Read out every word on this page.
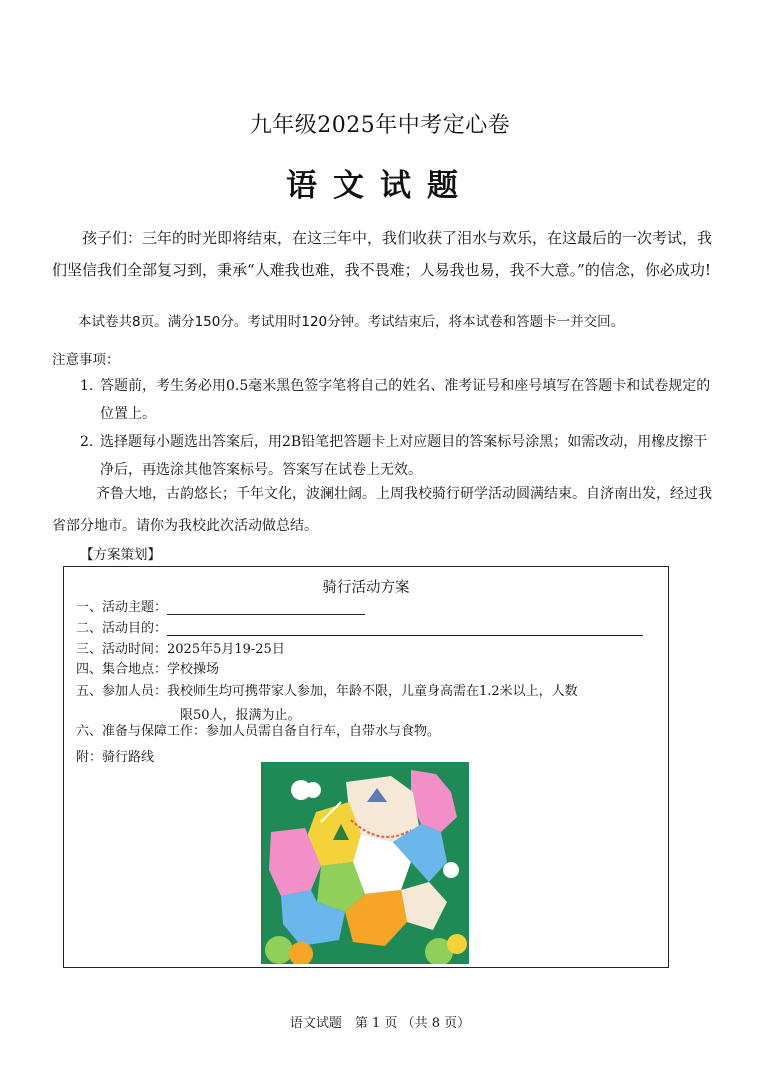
九年级2025年中考定心卷
语文试题
孩子们：三年的时光即将结束，在这三年中，我们收获了泪水与欢乐，在这最后的一次考试，我们坚信我们全部复习到，秉承“人难我也难，我不畏难；人易我也易，我不大意。”的信念，你必成功!
本试卷共8页。满分150分。考试用时120分钟。考试结束后，将本试卷和答题卡一并交回。
注意事项：
1. 答题前，考生务必用0.5毫米黑色签字笔将自己的姓名、准考证号和座号填写在答题卡和试卷规定的位置上。
2. 选择题每小题选出答案后，用2B铅笔把答题卡上对应题目的答案标号涂黑；如需改动，用橡皮擦干净后，再选涂其他答案标号。答案写在试卷上无效。
齐鲁大地，古韵悠长；千年文化，波澜壮阔。上周我校骑行研学活动圆满结束。自济南出发，经过我省部分地市。请你为我校此次活动做总结。
【方案策划】
骑行活动方案
一、活动主题：
二、活动目的：
三、活动时间：2025年5月19-25日
四、集合地点：学校操场
五、参加人员：我校师生均可携带家人参加，年龄不限，儿童身高需在1.2米以上，人数
限50人，报满为止。
六、准备与保障工作：参加人员需自备自行车，自带水与食物。
附：骑行路线
语文试题　第 1 页 （共 8 页）
